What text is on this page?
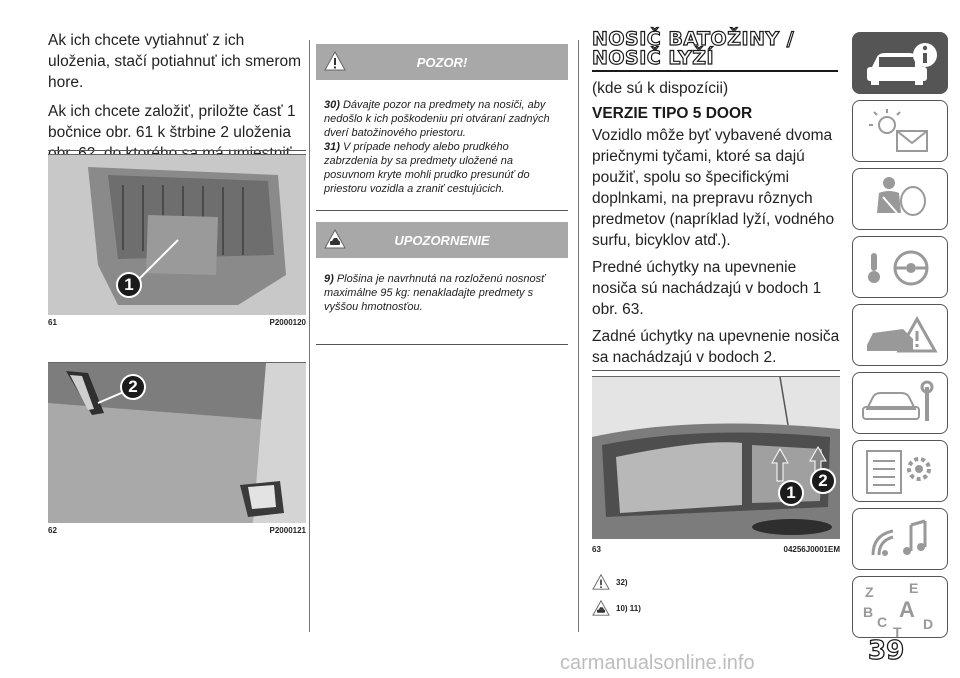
Ak ich chcete vytiahnuť z ich uloženia, stačí potiahnuť ich smerom hore.

Ak ich chcete založiť, priložte časť 1 bočnice obr. 61 k štrbine 2 uloženia

1
61	P2000120
2
62	P2000121
POZOR!
30) Dávajte pozor na predmety na nosiči, aby nedošlo k ich poškodeniu pri otváraní zadných dverí batožinového priestoru.
31) V prípade nehody alebo prudkého zabrzdenia by sa predmety uložené na posuvnom kryte mohli prudko presunúť do priestoru vozidla a zraniť cestujúcich.
UPOZORNENIE
9) Plošina je navrhnutá na rozloženú nosnosť maximálne 95 kg: nenakladajte predmety s vyššou hmotnosťou.
NOSIČ BATOŽINY /
NOSIČ LYŽÍ

(kde sú k dispozícii)

VERZIE TIPO 5 DOOR

Vozidlo môže byť vybavené dvoma priečnymi tyčami, ktoré sa dajú použiť, spolu so špecifickými doplnkami, na prepravu rôznych predmetov (napríklad lyží, vodného surfu, bicyklov atď.).

Predné úchytky na upevnenie nosiča sú nachádzajú v bodoch 1 obr. 63.

Zadné úchytky na upevnenie nosiča sa nachádzajú v bodoch 2.

1
2
63	04256J0001EM
32)
10) 11)
Z	E
B A
C	D
T
carmanualsonline.info	39
